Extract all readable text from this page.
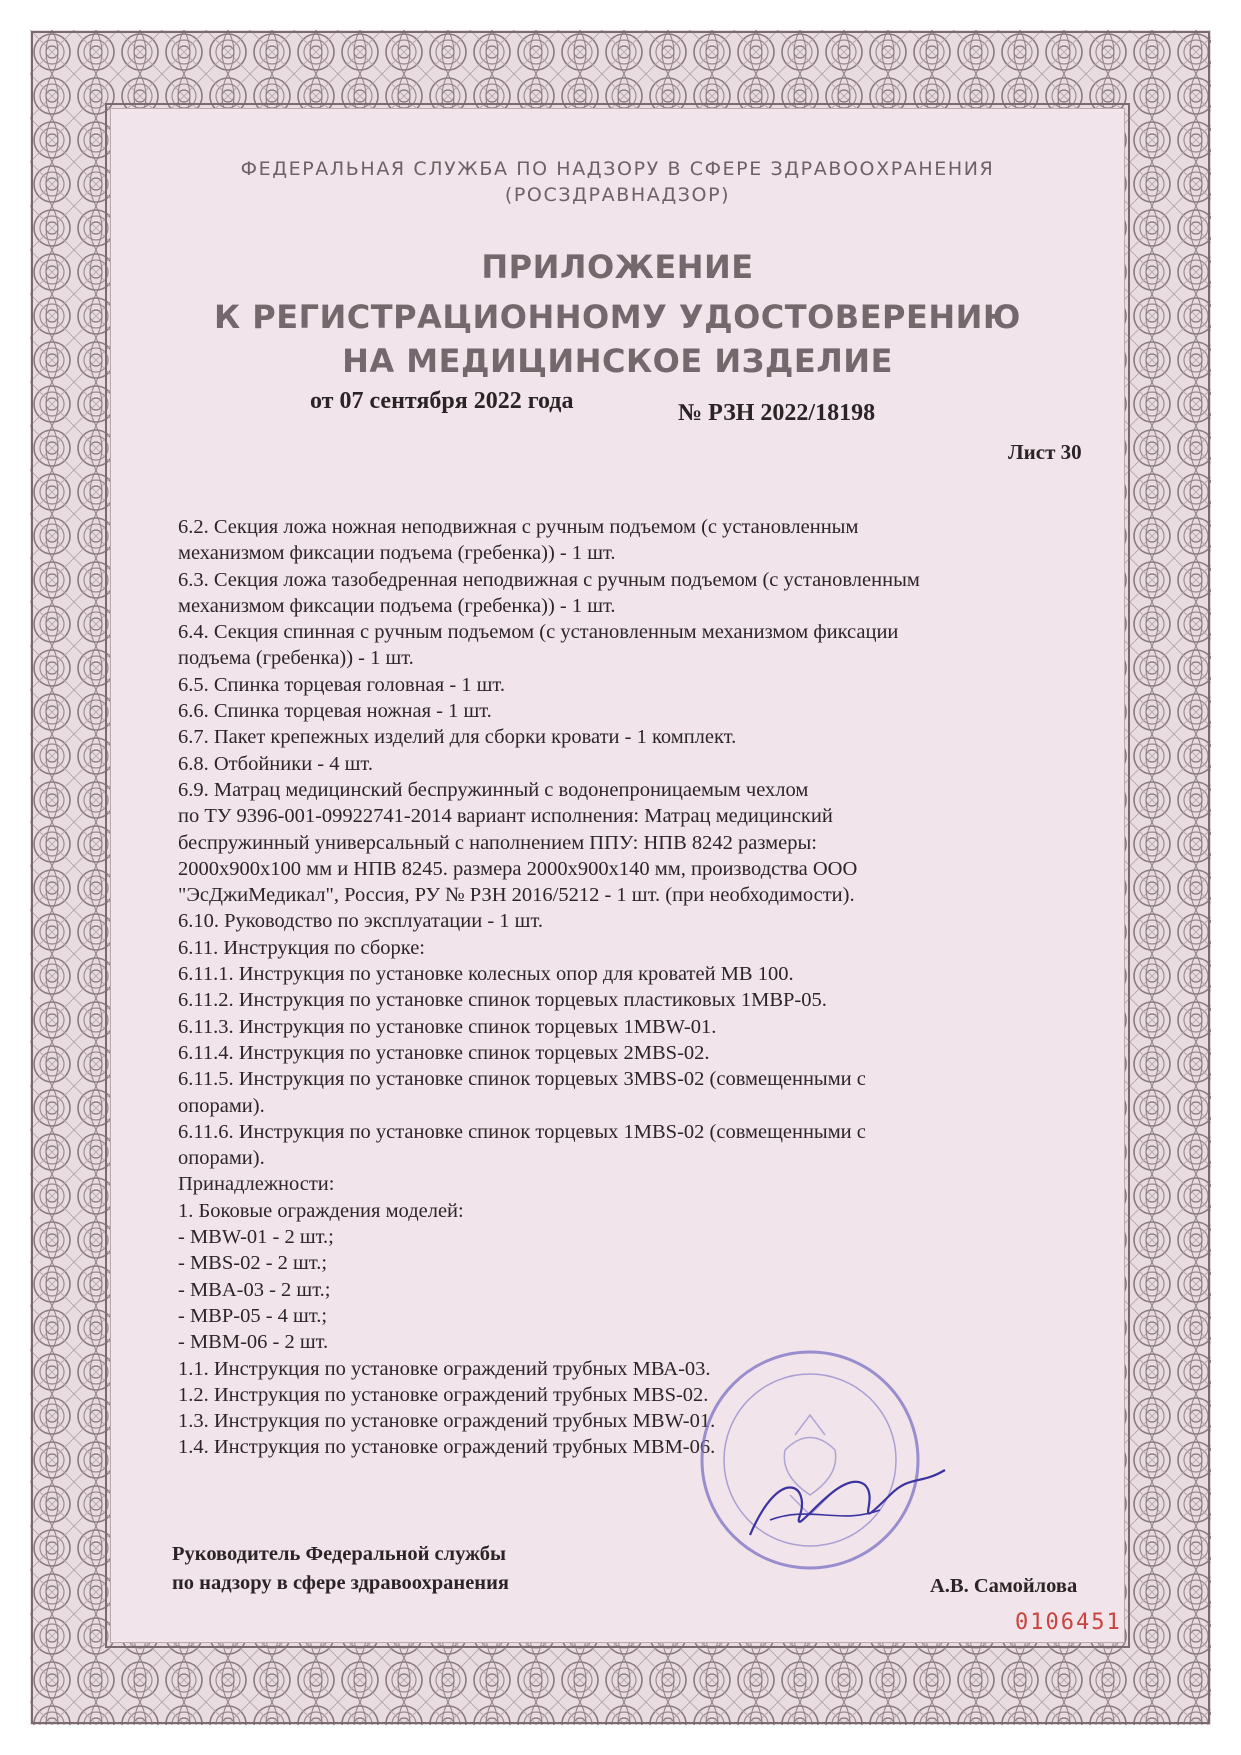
ФЕДЕРАЛЬНАЯ СЛУЖБА ПО НАДЗОРУ В СФЕРЕ ЗДРАВООХРАНЕНИЯ
(РОСЗДРАВНАДЗОР)
ПРИЛОЖЕНИЕ
К РЕГИСТРАЦИОННОМУ УДОСТОВЕРЕНИЮ
НА МЕДИЦИНСКОЕ ИЗДЕЛИЕ
от 07 сентября 2022 года	№ РЗН 2022/18198
Лист 30
6.2. Секция ложа ножная неподвижная с ручным подъемом (с установленным
механизмом фиксации подъема (гребенка)) - 1 шт.
6.3. Секция ложа тазобедренная неподвижная с ручным подъемом (с установленным
механизмом фиксации подъема (гребенка)) - 1 шт.
6.4. Секция спинная с ручным подъемом (с установленным механизмом фиксации
подъема (гребенка)) - 1 шт.
6.5. Спинка торцевая головная - 1 шт.
6.6. Спинка торцевая ножная - 1 шт.
6.7. Пакет крепежных изделий для сборки кровати - 1 комплект.
6.8. Отбойники - 4 шт.
6.9. Матрац медицинский беспружинный с водонепроницаемым чехлом
по ТУ 9396-001-09922741-2014 вариант исполнения: Матрац медицинский
беспружинный универсальный с наполнением ППУ: НПВ 8242 размеры:
2000х900х100 мм и НПВ 8245. размера 2000х900х140 мм, производства ООО
"ЭсДжиМедикал", Россия, РУ № РЗН 2016/5212 - 1 шт. (при необходимости).
6.10. Руководство по эксплуатации - 1 шт.
6.11. Инструкция по сборке:
6.11.1. Инструкция по установке колесных опор для кроватей MB 100.
6.11.2. Инструкция по установке спинок торцевых пластиковых 1МВР-05.
6.11.3. Инструкция по установке спинок торцевых 1MBW-01.
6.11.4. Инструкция по установке спинок торцевых 2MBS-02.
6.11.5. Инструкция по установке спинок торцевых 3MBS-02 (совмещенными с
опорами).
6.11.6. Инструкция по установке спинок торцевых 1MBS-02 (совмещенными с
опорами).
Принадлежности:
1. Боковые ограждения моделей:
- MBW-01 - 2 шт.;
- MBS-02 - 2 шт.;
- MBA-03 - 2 шт.;
- МВР-05 - 4 шт.;
- МВМ-06 - 2 шт.
1.1. Инструкция по установке ограждений трубных МВА-03.
1.2. Инструкция по установке ограждений трубных MBS-02.
1.3. Инструкция по установке ограждений трубных MBW-01.
1.4. Инструкция по установке ограждений трубных МВМ-06.
Руководитель Федеральной службы
по надзору в сфере здравоохранения	А.В. Самойлова
0106451
